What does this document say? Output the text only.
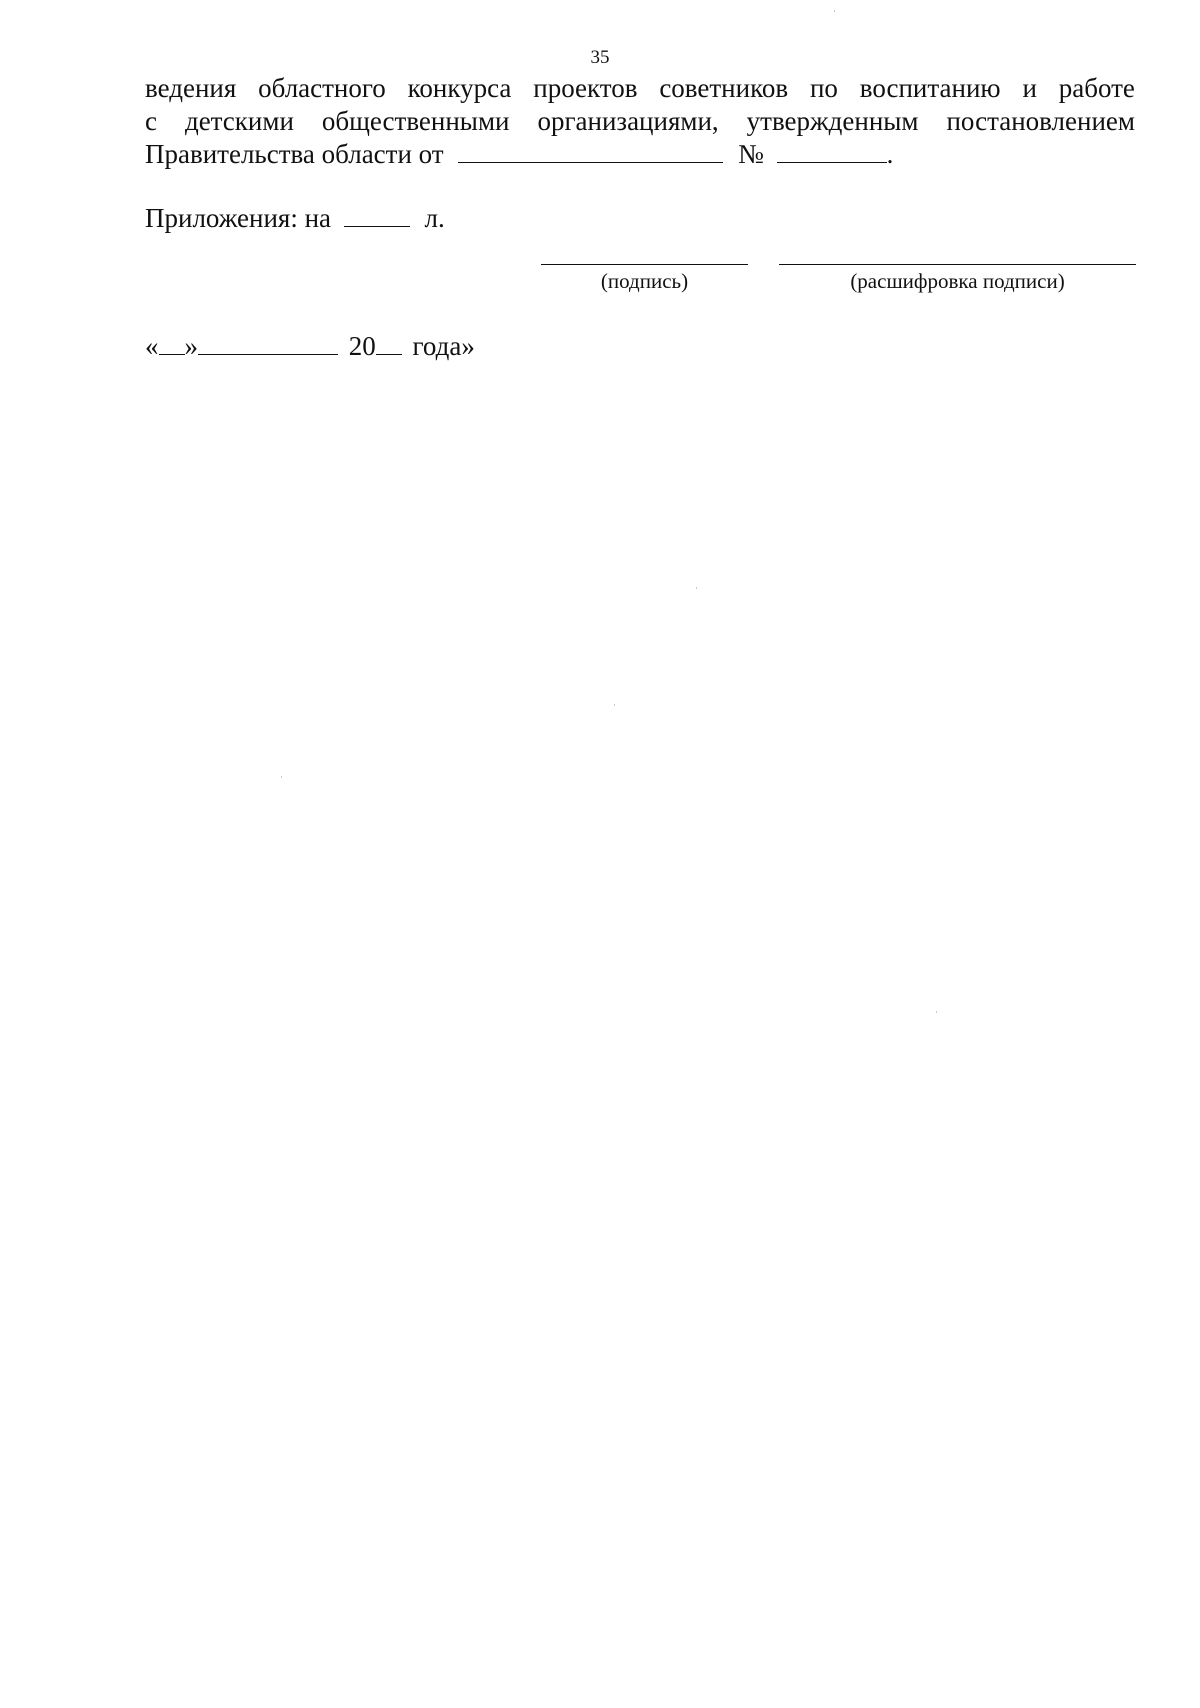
35
ведения областного конкурса проектов советников по воспитанию и работе
с детскими общественными организациями, утвержденным постановлением
Правительства области от	№	.
Приложения: на	л.
(подпись)	(расшифровка подписи)
« »	20 года»
